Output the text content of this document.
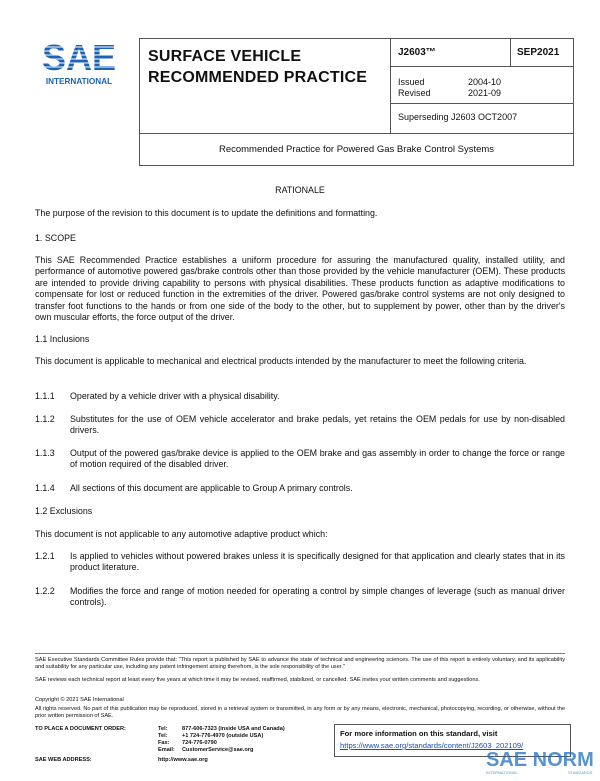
SAE
INTERNATIONAL
SURFACE VEHICLE
RECOMMENDED PRACTICE
J2603™	SEP2021
Issued	2004-10
Revised	2021-09
Superseding J2603 OCT2007
Recommended Practice for Powered Gas Brake Control Systems
RATIONALE
The purpose of the revision to this document is to update the definitions and formatting.
1. SCOPE
This SAE Recommended Practice establishes a uniform procedure for assuring the manufactured quality, installed utility, and performance of automotive powered gas/brake controls other than those provided by the vehicle manufacturer (OEM). These products are intended to provide driving capability to persons with physical disabilities. These products function as adaptive modifications to compensate for lost or reduced function in the extremities of the driver. Powered gas/brake control systems are not only designed to transfer foot functions to the hands or from one side of the body to the other, but to supplement by power, other than by the driver's own muscular efforts, the force output of the driver.
1.1 Inclusions
This document is applicable to mechanical and electrical products intended by the manufacturer to meet the following criteria.
1.1.1 Operated by a vehicle driver with a physical disability.
1.1.2 Substitutes for the use of OEM vehicle accelerator and brake pedals, yet retains the OEM pedals for use by non-disabled drivers.
1.1.3 Output of the powered gas/brake device is applied to the OEM brake and gas assembly in order to change the force or range of motion required of the disabled driver.
1.1.4 All sections of this document are applicable to Group A primary controls.
1.2 Exclusions
This document is not applicable to any automotive adaptive product which:
1.2.1 Is applied to vehicles without powered brakes unless it is specifically designed for that application and clearly states that in its product literature.
1.2.2 Modifies the force and range of motion needed for operating a control by simple changes of leverage (such as manual driver controls).
SAE Executive Standards Committee Rules provide that: "This report is published by SAE to advance the state of technical and engineering sciences. The use of this report is entirely voluntary, and its applicability and suitability for any particular use, including any patent infringement arising therefrom, is the sole responsibility of the user."
SAE reviews each technical report at least every five years at which time it may be revised, reaffirmed, stabilized, or cancelled. SAE invites your written comments and suggestions.
Copyright © 2021 SAE International
All rights reserved. No part of this publication may be reproduced, stored in a retrieval system or transmitted, in any form or by any means, electronic, mechanical, photocopying, recording, or otherwise, without the prior written permission of SAE.
TO PLACE A DOCUMENT ORDER:	Tel:	877-606-7323 (inside USA and Canada)
Tel:	+1 724-776-4970 (outside USA)
Fax: 724-776-0790
Email: CustomerService@sae.org
SAE WEB ADDRESS:	http://www.sae.org
For more information on this standard, visit
https://www.sae.org/standards/content/J2603_202109/
SAE NORM
INTERNATIONAL	STANDARDS
